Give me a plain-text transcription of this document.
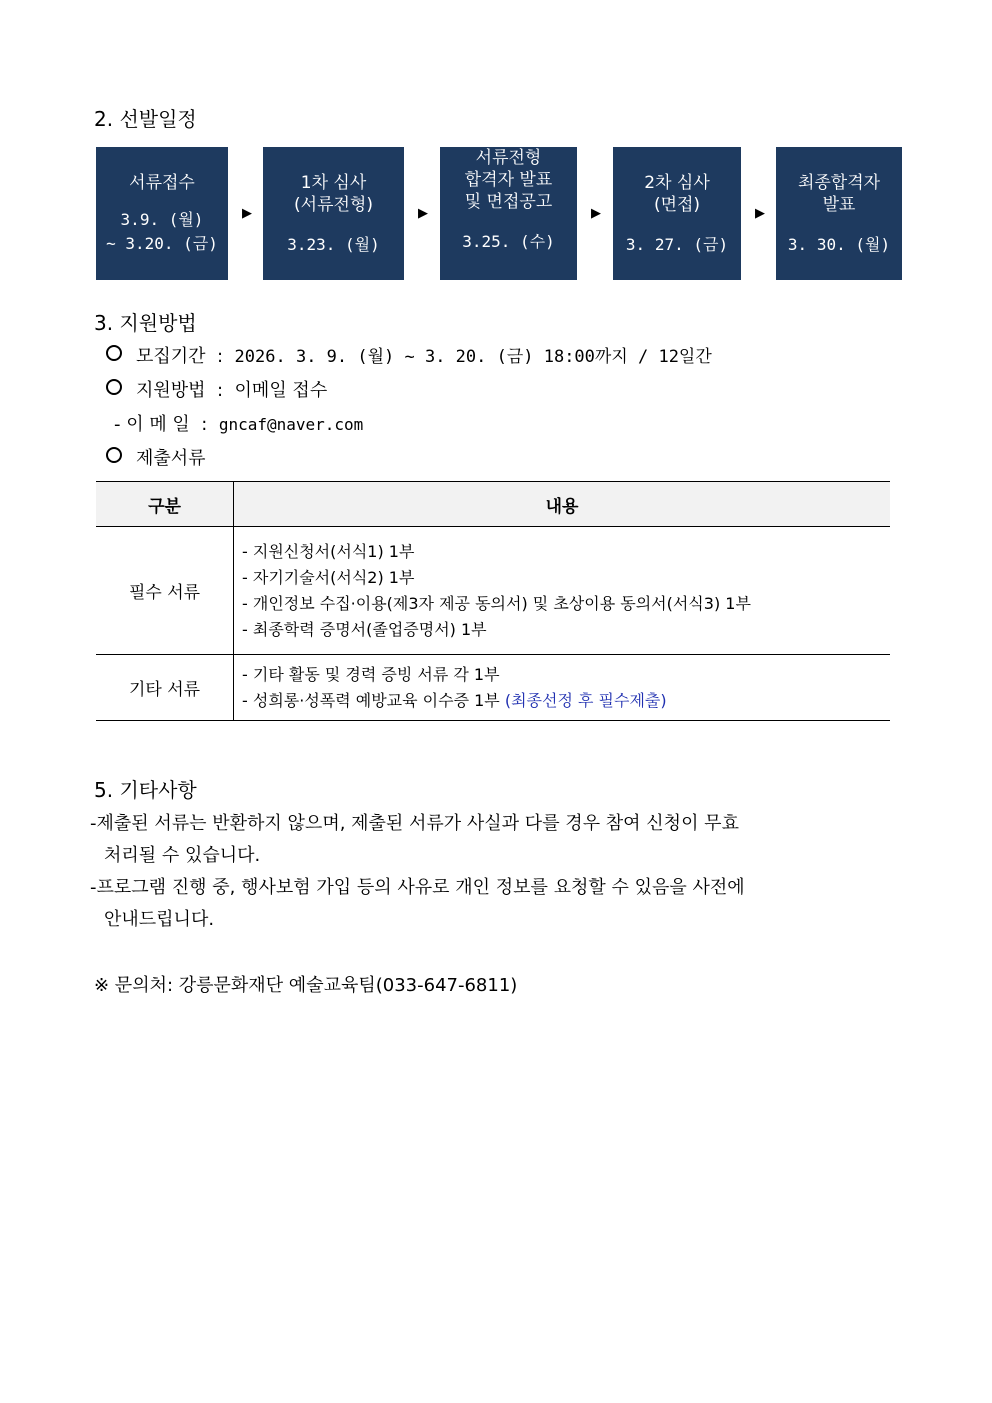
2. 선발일정
서류접수
3.9. (월)
~ 3.20. (금)
▶
1차 심사
(서류전형)
3.23. (월)
▶
서류전형
합격자 발표
및 면접공고
3.25. (수)
▶
2차 심사
(면접)
3. 27. (금)
▶
최종합격자
발표
3. 30. (월)
3. 지원방법
모집기간 : 2026. 3. 9. (월) ~ 3. 20. (금) 18:00까지 / 12일간
지원방법 : 이메일 접수
- 이 메 일 : gncaf@naver.com
제출서류
구분	내용
필수 서류	- 지원신청서(서식1) 1부
- 자기기술서(서식2) 1부
- 개인정보 수집·이용(제3자 제공 동의서) 및 초상이용 동의서(서식3) 1부
- 최종학력 증명서(졸업증명서) 1부

기타 서류	- 기타 활동 및 경력 증빙 서류 각 1부
- 성희롱·성폭력 예방교육 이수증 1부 (최종선정 후 필수제출)
5. 기타사항
-제출된 서류는 반환하지 않으며, 제출된 서류가 사실과 다를 경우 참여 신청이 무효
처리될 수 있습니다.
-프로그램 진행 중, 행사보험 가입 등의 사유로 개인 정보를 요청할 수 있음을 사전에
안내드립니다.
※ 문의처: 강릉문화재단 예술교육팀(033-647-6811)
